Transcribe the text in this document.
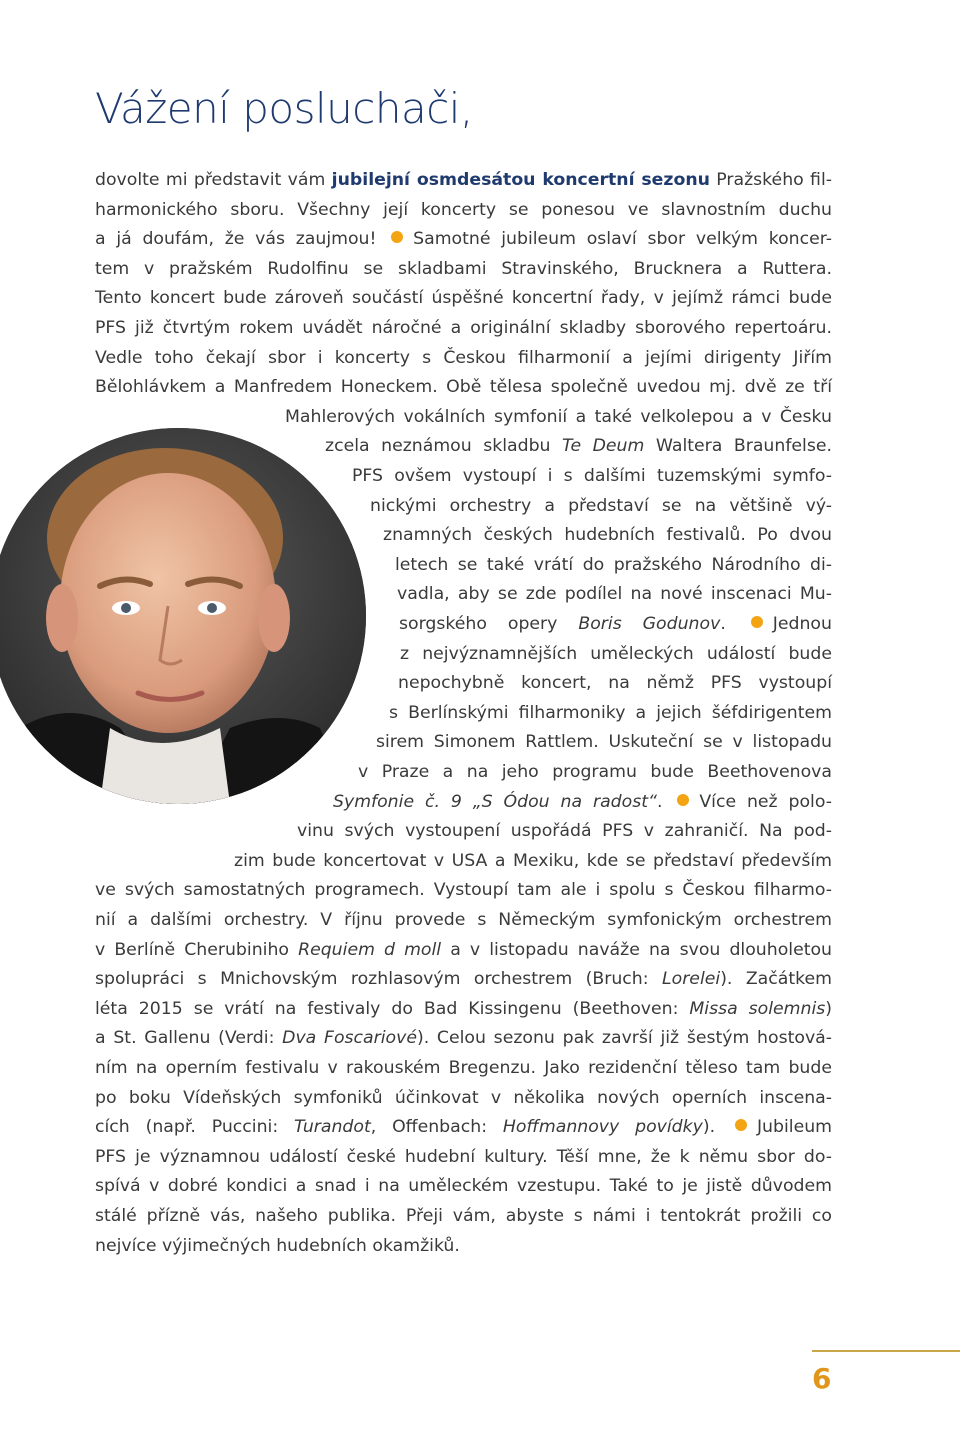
Vážení posluchači,
dovolte mi představit vám jubilejní osmdesátou koncertní sezonu Pražského fil-
harmonického sboru. Všechny její koncerty se ponesou ve slavnostním duchu
a já doufám, že vás zaujmou! Samotné jubileum oslaví sbor velkým koncer-
tem v pražském Rudolfinu se skladbami Stravinského, Brucknera a Ruttera.
Tento koncert bude zároveň součástí úspěšné koncertní řady, v jejímž rámci bude
PFS již čtvrtým rokem uvádět náročné a originální skladby sborového repertoáru.
Vedle toho čekají sbor i koncerty s Českou filharmonií a jejími dirigenty Jiřím
Bělohlávkem a Manfredem Honeckem. Obě tělesa společně uvedou mj. dvě ze tří
Mahlerových vokálních symfonií a také velkolepou a v Česku
zcela neznámou skladbu Te Deum Waltera Braunfelse.
PFS ovšem vystoupí i s dalšími tuzemskými symfo-
nickými orchestry a představí se na většině vý-
znamných českých hudebních festivalů. Po dvou
letech se také vrátí do pražského Národního di-
vadla, aby se zde podílel na nové inscenaci Mu-
sorgského opery Boris Godunov. Jednou
z nejvýznamnějších uměleckých událostí bude
nepochybně koncert, na němž PFS vystoupí
s Berlínskými filharmoniky a jejich šéfdirigentem
sirem Simonem Rattlem. Uskuteční se v listopadu
v Praze a na jeho programu bude Beethovenova
Symfonie č. 9 „S Ódou na radost“. Více než polo-
vinu svých vystoupení uspořádá PFS v zahraničí. Na pod-
zim bude koncertovat v USA a Mexiku, kde se představí především
ve svých samostatných programech. Vystoupí tam ale i spolu s Českou filharmo-
nií a dalšími orchestry. V říjnu provede s Německým symfonickým orchestrem
v Berlíně Cherubiniho Requiem d moll a v listopadu naváže na svou dlouholetou
spolupráci s Mnichovským rozhlasovým orchestrem (Bruch: Lorelei). Začátkem
léta 2015 se vrátí na festivaly do Bad Kissingenu (Beethoven: Missa solemnis)
a St. Gallenu (Verdi: Dva Foscariové). Celou sezonu pak završí již šestým hostová-
ním na operním festivalu v rakouském Bregenzu. Jako rezidenční těleso tam bude
po boku Vídeňských symfoniků účinkovat v několika nových operních inscena-
cích (např. Puccini: Turandot, Offenbach: Hoffmannovy povídky). Jubileum
PFS je významnou událostí české hudební kultury. Těší mne, že k němu sbor do-
spívá v dobré kondici a snad i na uměleckém vzestupu. Také to je jistě důvodem
stálé přízně vás, našeho publika. Přeji vám, abyste s námi i tentokrát prožili co
nejvíce výjimečných hudebních okamžiků.
6
